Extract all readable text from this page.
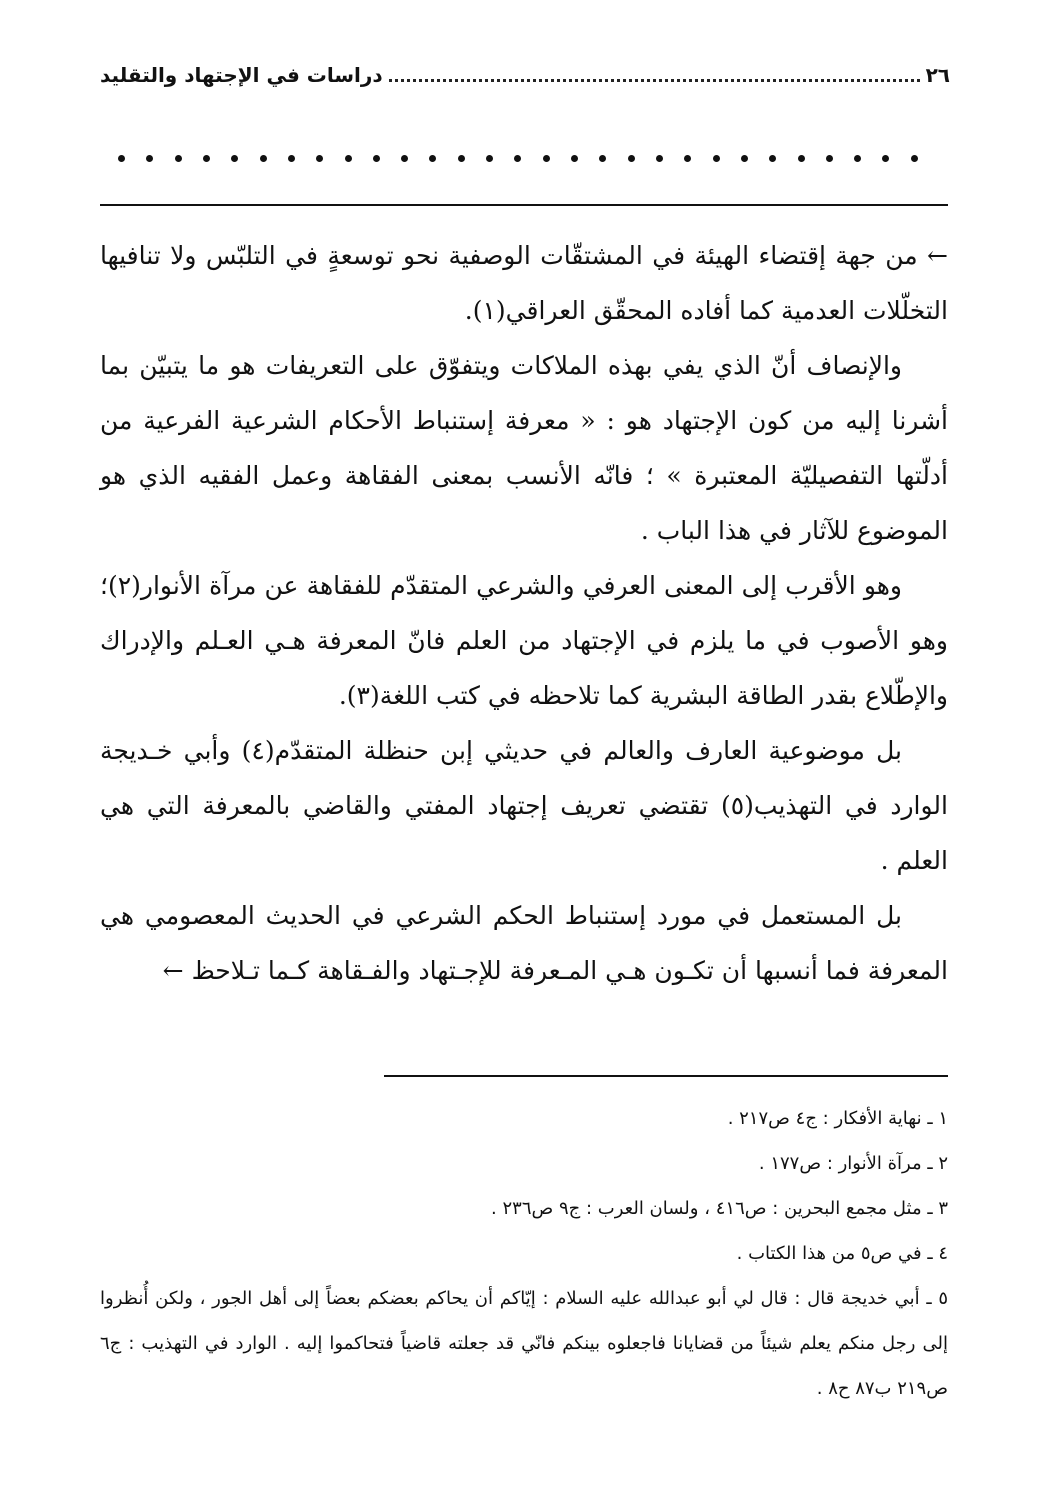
٢٦
دراسات في الإجتهاد والتقليد

← من جهة إقتضاء الهيئة في المشتقّات الوصفية نحو توسعةٍ في التلبّس ولا تنافيها التخلّلات العدمية كما أفاده المحقّق العراقي(١).

والإنصاف أنّ الذي يفي بهذه الملاكات ويتفوّق على التعريفات هو ما يتبيّن بما أشرنا إليه من كون الإجتهاد هو : « معرفة إستنباط الأحكام الشرعية الفرعية من أدلّتها التفصيليّة المعتبرة » ؛ فانّه الأنسب بمعنى الفقاهة وعمل الفقيه الذي هو الموضوع للآثار في هذا الباب .

وهو الأقرب إلى المعنى العرفي والشرعي المتقدّم للفقاهة عن مرآة الأنوار(٢)؛ وهو الأصوب في ما يلزم في الإجتهاد من العلم فانّ المعرفة هـي العـلم والإدراك والإطّلاع بقدر الطاقة البشرية كما تلاحظه في كتب اللغة(٣).

بل موضوعية العارف والعالم في حديثي إبن حنظلة المتقدّم(٤) وأبي خـديجة الوارد في التهذيب(٥) تقتضي تعريف إجتهاد المفتي والقاضي بالمعرفة التي هي العلم .

بل المستعمل في مورد إستنباط الحكم الشرعي في الحديث المعصومي هي المعرفة فما أنسبها أن تكـون هـي المـعرفة للإجـتهاد والفـقاهة كـما تـلاحظ ←

١ ـ نهاية الأفكار : ج٤ ص٢١٧ .

٢ ـ مرآة الأنوار : ص١٧٧ .

٣ ـ مثل مجمع البحرين : ص٤١٦ ، ولسان العرب : ج٩ ص٢٣٦ .

٤ ـ في ص٥ من هذا الكتاب .

٥ ـ أبي خديجة قال : قال لي أبو عبدالله عليه السلام : إيّاكم أن يحاكم بعضكم بعضاً إلى أهل الجور ، ولكن أُنظروا إلى رجل منكم يعلم شيئاً من قضايانا فاجعلوه بينكم فانّي قد جعلته قاضياً فتحاكموا إليه . الوارد في التهذيب : ج٦ ص٢١٩ ب٨٧ ح٨ .
